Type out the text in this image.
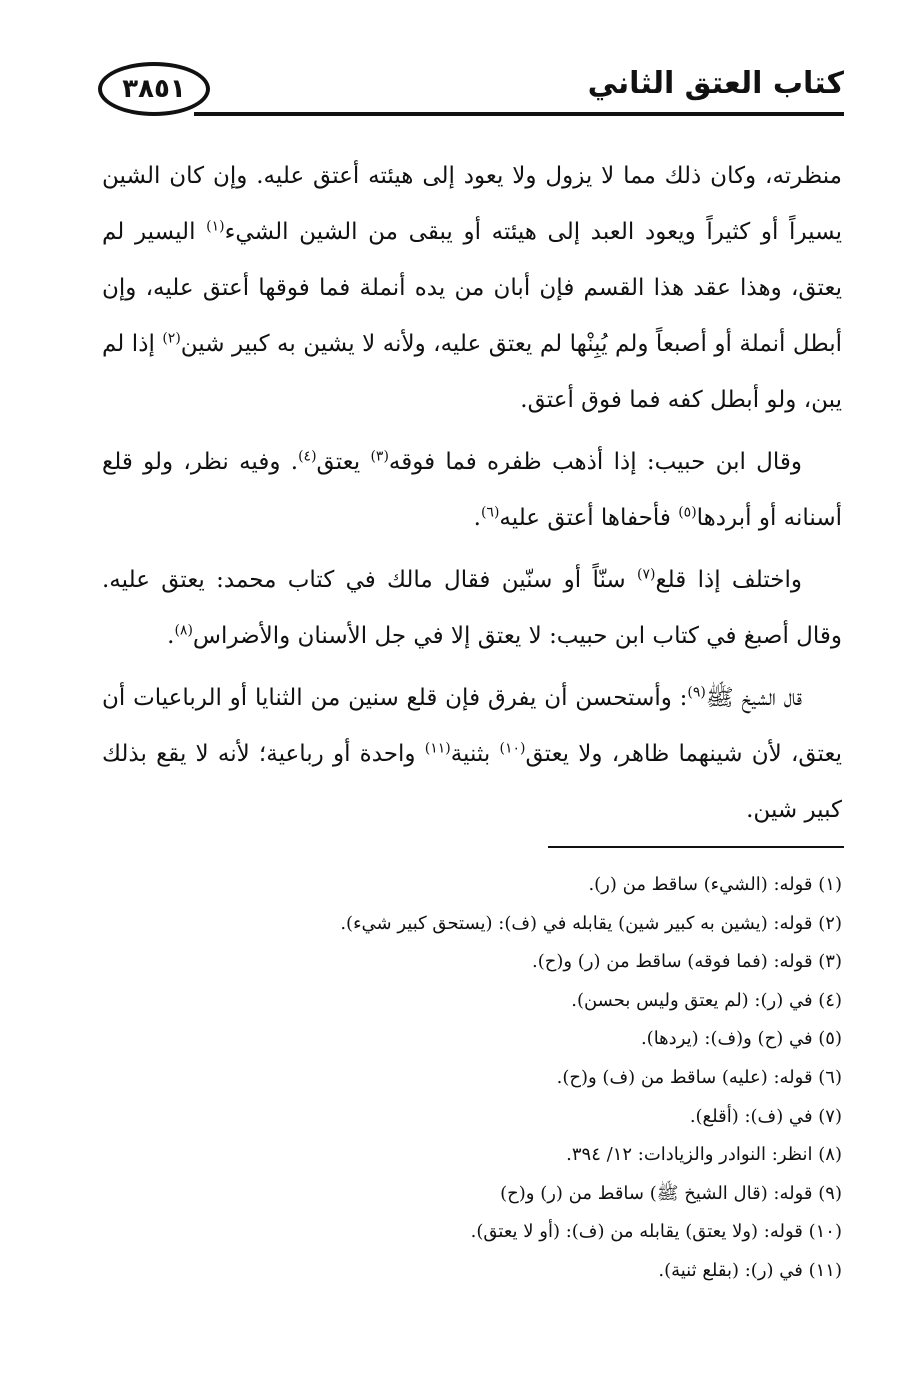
٣٨٥١	كتاب العتق الثاني

منظرته، وكان ذلك مما لا يزول ولا يعود إلى هيئته أعتق عليه. وإن كان الشين يسيراً أو كثيراً ويعود العبد إلى هيئته أو يبقى من الشين الشيء$^{(١)}$ اليسير لم يعتق، وهذا عقد هذا القسم فإن أبان من يده أنملة فما فوقها أعتق عليه، وإن أبطل أنملة أو أصبعاً ولم يُبِنْها لم يعتق عليه، ولأنه لا يشين به كبير شين$^{(٢)}$ إذا لم يبن، ولو أبطل كفه فما فوق أعتق.

وقال ابن حبيب: إذا أذهب ظفره فما فوقه$^{(٣)}$ يعتق$^{(٤)}$. وفيه نظر، ولو قلع أسنانه أو أبردها$^{(٥)}$ فأحفاها أعتق عليه$^{(٦)}$.

واختلف إذا قلع$^{(٧)}$ سنّاً أو سنّين فقال مالك في كتاب محمد: يعتق عليه. وقال أصبغ في كتاب ابن حبيب: لا يعتق إلا في جل الأسنان والأضراس$^{(٨)}$.

قال الشيخ ﷺ$^{(٩)}$: وأستحسن أن يفرق فإن قلع سنين من الثنايا أو الرباعيات أن يعتق، لأن شينهما ظاهر، ولا يعتق$^{(١٠)}$ بثنية$^{(١١)}$ واحدة أو رباعية؛ لأنه لا يقع بذلك كبير شين.

(١) قوله: (الشيء) ساقط من (ر).
(٢) قوله: (يشين به كبير شين) يقابله في (ف): (يستحق كبير شيء).
(٣) قوله: (فما فوقه) ساقط من (ر) و(ح).
(٤) في (ر): (لم يعتق وليس بحسن).
(٥) في (ح) و(ف): (يردها).
(٦) قوله: (عليه) ساقط من (ف) و(ح).
(٧) في (ف): (أقلع).
(٨) انظر: النوادر والزيادات: ١٢/ ٣٩٤.
(٩) قوله: (قال الشيخ ﷺ) ساقط من (ر) و(ح)
(١٠) قوله: (ولا يعتق) يقابله من (ف): (أو لا يعتق).
(١١) في (ر): (بقلع ثنية).
